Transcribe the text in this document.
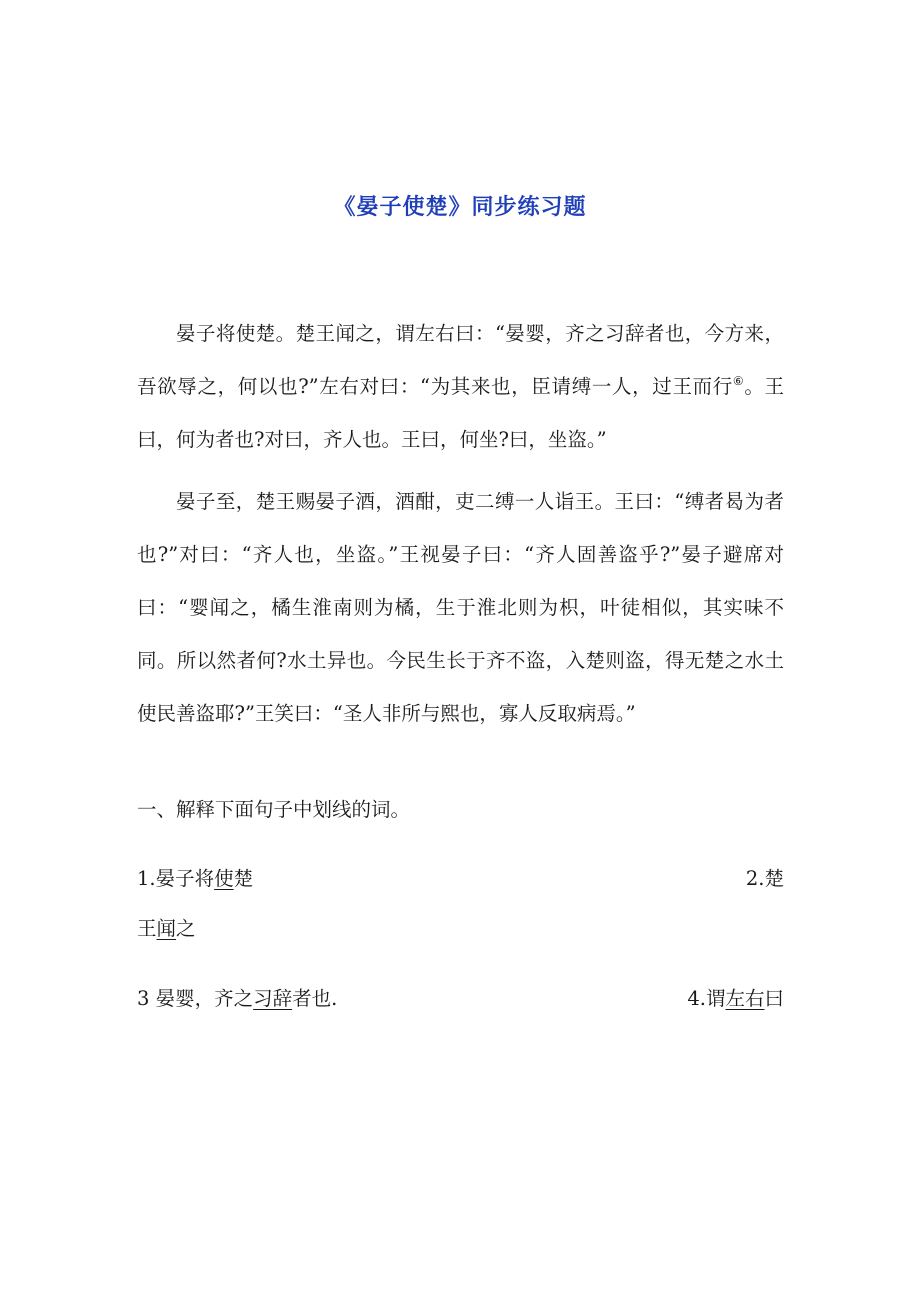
《晏子使楚》同步练习题

晏子将使楚。楚王闻之，谓左右曰：“晏婴，齐之习辞者也，今方来，吾欲辱之，何以也?”左右对曰：“为其来也，臣请缚一人，过王而行⑥。王曰，何为者也?对曰，齐人也。王曰，何坐?曰，坐盗。”

晏子至，楚王赐晏子酒，酒酣，吏二缚一人诣王。王曰：“缚者曷为者也?”对曰：“齐人也，坐盗。”王视晏子曰：“齐人固善盗乎?”晏子避席对曰：“婴闻之，橘生淮南则为橘，生于淮北则为枳，叶徒相似，其实味不同。所以然者何?水土异也。今民生长于齐不盗，入楚则盗，得无楚之水土使民善盗耶?”王笑曰：“圣人非所与熙也，寡人反取病焉。”

一、解释下面句子中划线的词。
1.晏子将使楚	2.楚
王闻之
3 晏婴，齐之习辞者也.	4.谓左右曰
